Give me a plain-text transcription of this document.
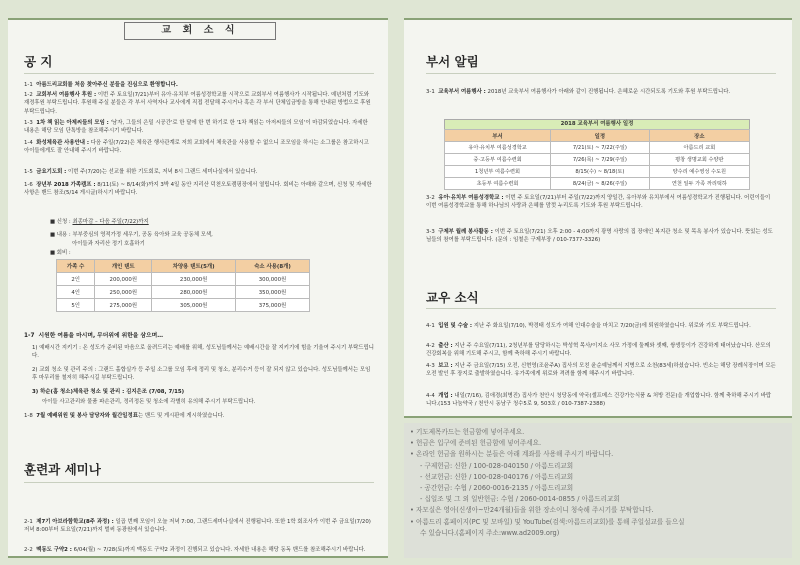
교 회 소 식
공 지
1-1 아름드리교회를 처음 찾아주신 분들을 진심으로 환영합니다.
1-2 교회부서 여름행사 후원 : 이번 주 토요일(7/21)부터 유아·유치부 여름성경학교를 시작으로 교회부서 여름행사가 시작됩니다. 예년처럼 기도와 재정후원 부탁드립니다. 후원해 주실 분들은 각 부서 사역자나 교사에게 직접 전달해 주시거나 혹은 각 부서 단체입금방을 통해 안내된 방법으로 후원 부탁드립니다.
1-3 1차 책 읽는 아제씨들의 모임 : '남자, 그들의 은밀 시공간'로 한 달에 한 번 하기로 한 '1차 책읽는 아저씨들의 모임'이 마감되었습니다. 자세한 내용은 해당 모임 단톡방을 참조해주시기 바랍니다.
1-4 화성체육관 사용안내 : 다음 주일(7/22)은 체육관 행사관계로 저희 교회에서 체육관을 사용할 수 없으니 조모임을 하시는 소그룹은 참고하시고 아이들에게도 잘 안내해 주시기 바랍니다.
1-5 금요기도회 : 이번 주(7/20)는 선교를 위한 기도회로, 저녁 8시 그랜드 세미나실에서 있습니다.
1-6 장년부 2018 가족캠프 : 8/11(토) ~ 8/14(화)까지 3박 4일 동안 지리산 덕천오토캠핑장에서 열립니다. 회비는 아래와 같으며, 신청 및 자세한 사항은 밴드 참조(5/14 게시글)하시기 바랍니다.
■ 신청 : 최종마감 – 다음 주일(7/22)까지
■ 내용 : 부부중심의 영적가정 세우기, 공동 육아와 교육 공동체 모색,
아이들과 자리산 정기 호흡하기
■ 회비 :
가족 수	개인 텐트	차양용 텐트(5개)	숙소 사용(8개)
2인	200,000원	230,000원	300,000원
4인	250,000원	280,000원	350,000원
5인	275,000원	305,000원	375,000원
1-7 시원한 여름을 마시며, 무더위에 위한을 삼으며…
1) 예배시간 지키기 : 온 성도가 준비된 마음으로 올려드리는 예배를 위해, 성도님들께서는 예배시간을 잘 지키기에 힘을 기울여 주시기 부탁드립니다.
2) 교회 청소 및 관리 주의 : 그랜드 홀합실가 등 주일 소그룹 모임 후에 정리 및 청소, 분리수거 등이 잘 되지 않고 있습니다. 성도님들께서는 모임 후 마무리를 철저히 해주시길 부탁드립니다.
3) 하순(홈 청소)체육관 청소 및 관리 : 김지은조 (7/08, 7/15)
아이들 사고관리와 물품 파손관리, 정리정돈 및 청소에 각별히 유의해 주시기 부탁드립니다.
1-8 7월 예배위원 및 봉사 담당자와 월간일정표는 밴드 및 게시판에 게시하였습니다.
훈련과 세미나
2-1 제7기 아브라함학교(8주 과정) : 일곱 번째 모임이 오늘 저녁 7:00, 그랜드세미나실에서 진행됩니다. 또한 1학 회조사가 이번 주 금요일(7/20) 저녁 8:00부터 토요일(7/21)까지 벌써 동광원에서 있습니다.
2-2 맥동도 구약2 : 6/04(월) ~ 7/28(토)까지 맥동도 구약2 과정이 진행되고 있습니다. 자세한 내용은 해당 동독 밴드를 참조해주시기 바랍니다.
부서 알림
3-1 교육부서 여름행사 : 2018년 교육부서 여름행사가 아래와 같이 진행됩니다. 은혜로운 시간되도록 기도와 후원 부탁드립니다.
2018 교육부서 여름행사 일정
부서	일정	장소
유아·유치부 여름성경학교	7/21(토) ~ 7/22(주일)	아름드리 교회
중·고등부 여름수련회	7/26(목) ~ 7/29(주일)	평창 생명교회 수양관
1청년부 여름수련회	8/15(수) ~ 8/18(토)	양수리 예수영성 수도원
초등부 여름수련회	8/24(금) ~ 8/26(주일)	연천 일두 가족 까리떡하
3-2 유아·유치부 여름성경학교 : 이번 주 토요일(7/21)부터 주일(7/22)까지 양일간, 유아부와 유치부에서 여름성경학교가 진행됩니다. 어린이들이 이번 여름성경학교를 통해 하나님의 사랑과 은혜를 맘껏 누리도록 기도와 후원 부탁드립니다.
3-3 구제부 월례 봉사활동 : 이번 주 토요일(7/21) 오후 2:00 - 4:00까지 광명 사랑의 집 장애인 복지관 청소 및 목욕 봉사가 있습니다. 뜻있는 성도님들의 참여를 부탁드립니다. (문의 : 임철은 구제부장 / 010-7377-3326)
교우 소식
4-1 입원 및 수술 : 지난 주 화요일(7/10), 박경태 성도가 여해 인대수술을 마치고 7/20(금)에 퇴원하였습니다. 위로와 기도 부탁드립니다.
4-2 출산 : 지난 주 수요일(7/11), 2청년부를 담당하시는 박성혁 목사/이지소 사모 가정에 둘째와 셋째, 쌍생둥이가 건강하게 태어났습니다. 산모의 건강회복을 위해 기도해 주시고, 함께 축하해 주시기 바랍니다.
4-3 보고 : 지난 주 금요일(7/15) 오전, 신현영(조윤주A) 집사의 모친 윤순예님께서 지병으로 소천(83세)하셨습니다. 빈소는 해당 장례식장이며 모든 오전 발인 후 장지로 출발하였습니다. 유가족에게 위로와 격려를 함께 해주시기 바랍니다.
4-4 개업 : 내일(7/16), 김애경(최병진) 집사가 천안시 청당동에 약국(셀프메스 건강가능식품 & 처방 전문)을 개업합니다. 함께 축하해 주시기 바랍니다.(153 나눔약국 / 천안시 동남구 청수5로 9, 503호 / 010-7387-2388)
• 기도제목카드는 헌금함에 넣어주세요.
• 헌금은 입구에 준비된 헌금함에 넣어주세요.
• 온라인 헌금을 원하시는 분들은 아래 계좌를 사용해 주시기 바랍니다.
- 구제헌금: 신한 / 100-028-040150 / 아름드리교회
- 선교헌금: 신한 / 100-028-040176 / 아름드리교회
- 공간헌금: 수협 / 2060-0016-2135 / 아름드리교회
- 십일조 및 그 외 일반헌금: 수협 / 2060-0014-0855 / 아름드리교회
• 자모실은 영아(신생아~만24개월)들을 위한 장소이니 청숙해 주시기를 부탁합니다.
• 아름드리 홈페이지(PC 및 모바일) 및 YouTube(검색:아름드리교회)를 통해 주일설교를 들으실
수 있습니다.(홈페이지 주소:www.ad2009.org)
